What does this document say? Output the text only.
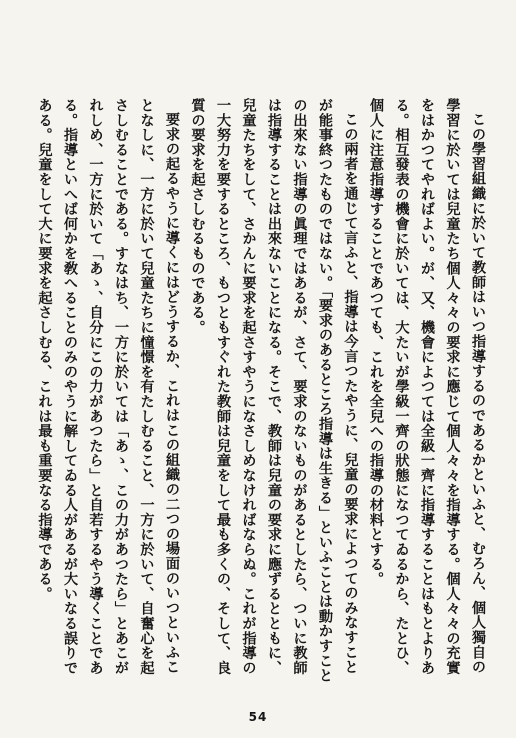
この學習組織に於いて教師はいつ指導するのであるかといふと、むろん、個人獨自の學習に於いては兒童たち個人々々の要求に應じて個人々々を指導する。個人々々の充實をはかつてやればよい。が、又、機會によつては全級一齊に指導することはもとよりある。相互發表の機會に於いては、大たいが學級一齊の狀態になつてゐるから、たとひ、個人に注意指導することであつても、これを全兒への指導の材料とする。

この兩者を通じて言ふと、指導は今言つたやうに、兒童の要求によつてのみなすことが能事終つたものではない。「要求のあるところ指導は生きる」といふことは動かすことの出來ない指導の眞理ではあるが、さて、要求のないものがあるとしたら、ついに教師は指導することは出來ないことになる。そこで、教師は兒童の要求に應ずるとともに、兒童たちをして、さかんに要求を起さすやうになさしめなければならぬ。これが指導の一大努力を要するところ、もつともすぐれた教師は兒童をして最も多くの、そして、良質の要求を起さしむるものである。

要求の起るやうに導くにはどうするか、これはこの組織の二つの場面のいつといふことなしに、一方に於いて兒童たちに憧憬を有たしむること、一方に於いて、自奮心を起さしむることである。すなはち、一方に於いては「あゝ、この力があつたら」とあこがれしめ、一方に於いて「あゝ、自分にこの力があつたら」と自若するやう導くことである。指導といへば何かを敎へることのみのやうに解してゐる人があるが大いなる誤りである。兒童をして大に要求を起さしむる、これは最も重要なる指導である。

54
